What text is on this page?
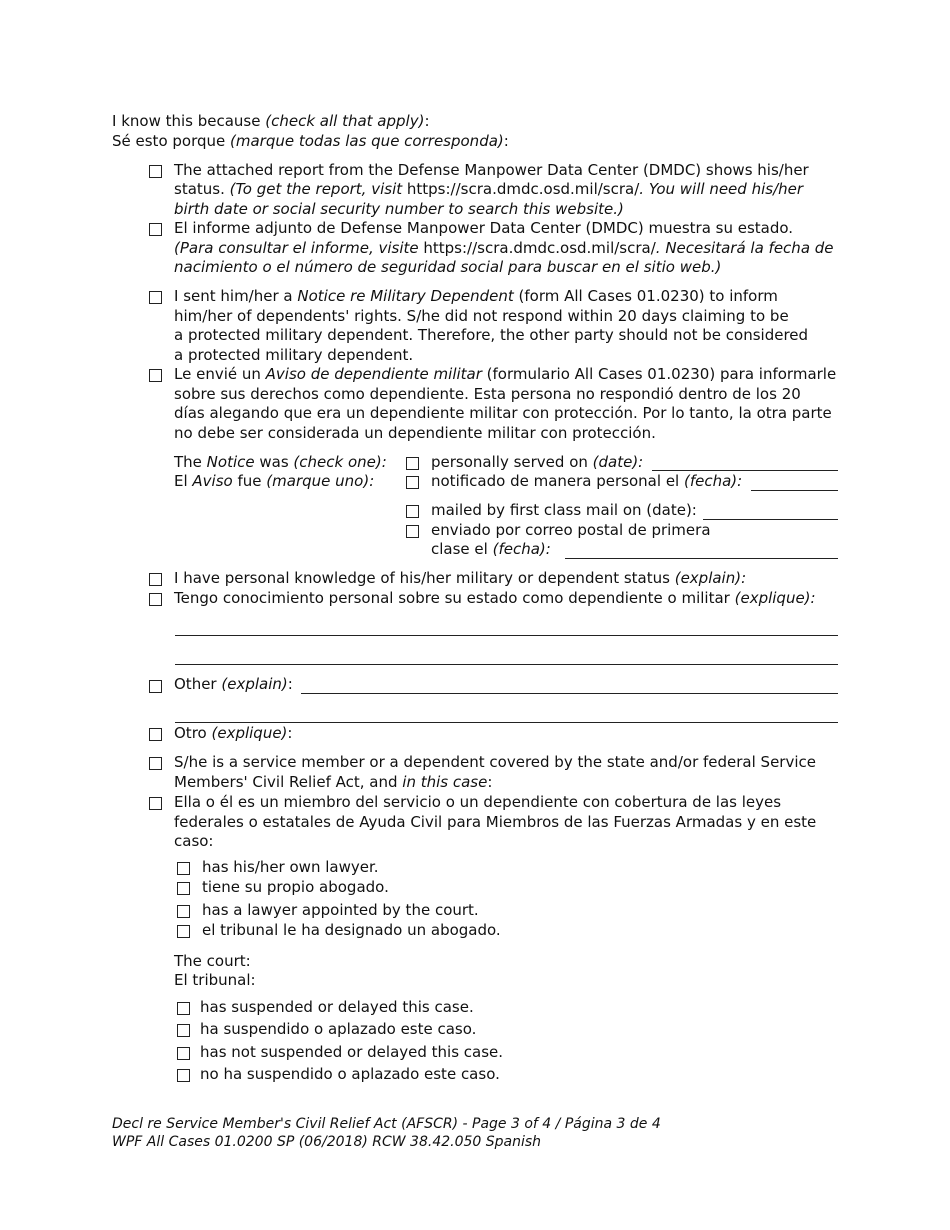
I know this because (check all that apply):
Sé esto porque (marque todas las que corresponda):
The attached report from the Defense Manpower Data Center (DMDC) shows his/her
status. (To get the report, visit https://scra.dmdc.osd.mil/scra/. You will need his/her
birth date or social security number to search this website.)
El informe adjunto de Defense Manpower Data Center (DMDC) muestra su estado.
(Para consultar el informe, visite https://scra.dmdc.osd.mil/scra/. Necesitará la fecha de
nacimiento o el número de seguridad social para buscar en el sitio web.)
I sent him/her a Notice re Military Dependent (form All Cases 01.0230) to inform
him/her of dependents' rights. S/he did not respond within 20 days claiming to be
a protected military dependent. Therefore, the other party should not be considered
a protected military dependent.
Le envié un Aviso de dependiente militar (formulario All Cases 01.0230) para informarle
sobre sus derechos como dependiente. Esta persona no respondió dentro de los 20
días alegando que era un dependiente militar con protección. Por lo tanto, la otra parte
no debe ser considerada un dependiente militar con protección.
The Notice was (check one):
El Aviso fue (marque uno):
personally served on (date):
notificado de manera personal el (fecha):
mailed by first class mail on (date):
enviado por correo postal de primera
clase el (fecha):
I have personal knowledge of his/her military or dependent status (explain):
Tengo conocimiento personal sobre su estado como dependiente o militar (explique):
Other (explain):
Otro (explique):
S/he is a service member or a dependent covered by the state and/or federal Service
Members' Civil Relief Act, and in this case:
Ella o él es un miembro del servicio o un dependiente con cobertura de las leyes
federales o estatales de Ayuda Civil para Miembros de las Fuerzas Armadas y en este
caso:
has his/her own lawyer.
tiene su propio abogado.
has a lawyer appointed by the court.
el tribunal le ha designado un abogado.
The court:
El tribunal:
has suspended or delayed this case.
ha suspendido o aplazado este caso.
has not suspended or delayed this case.
no ha suspendido o aplazado este caso.
Decl re Service Member's Civil Relief Act (AFSCR) - Page 3 of 4 / Página 3 de 4
WPF All Cases 01.0200 SP (06/2018) RCW 38.42.050 Spanish
